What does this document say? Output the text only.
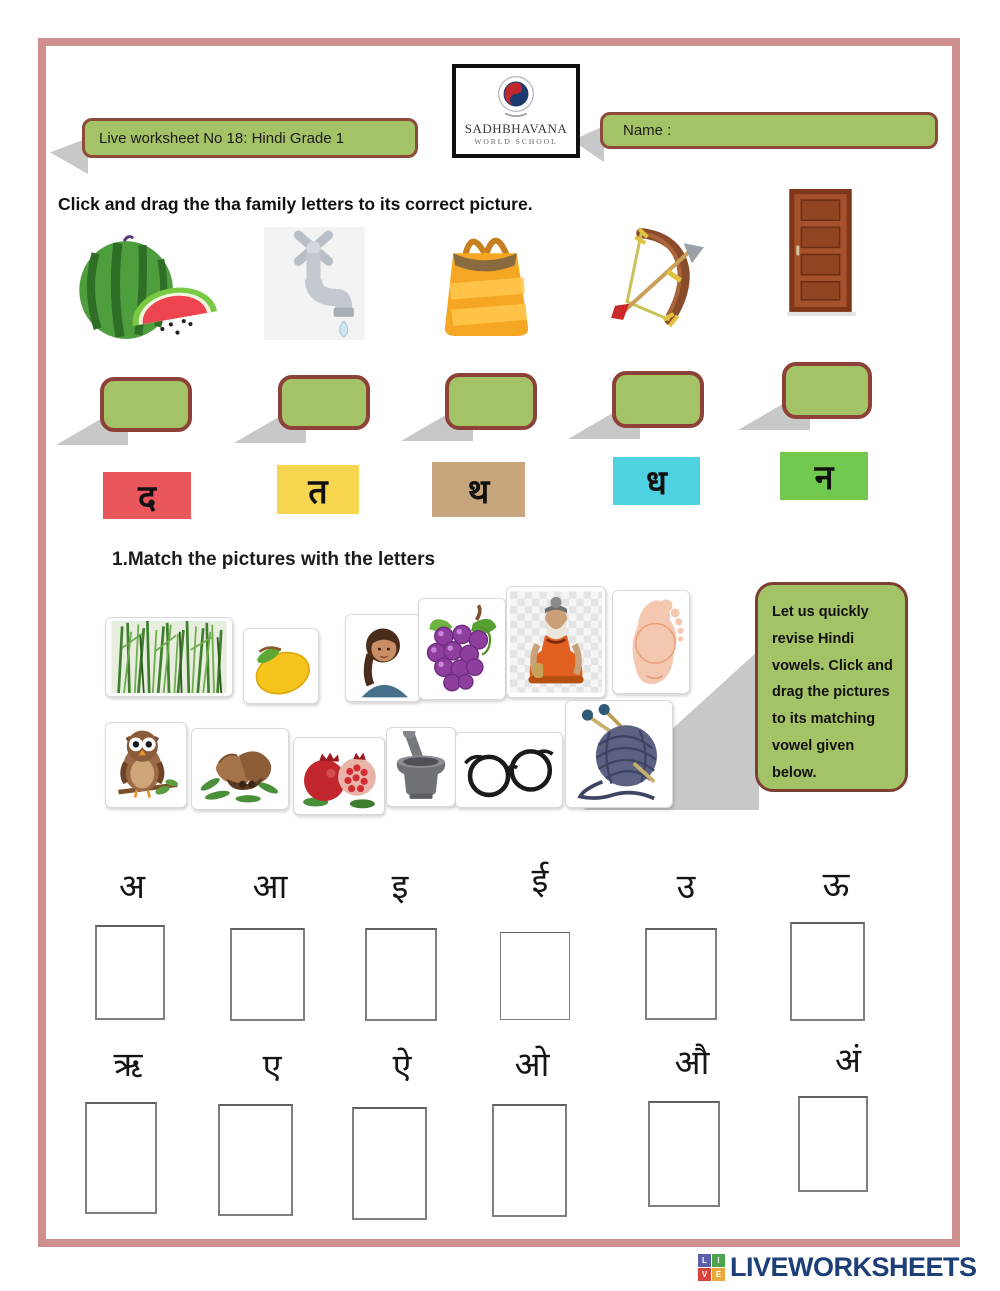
SADHBHAVANA
WORLD SCHOOL
Live worksheet No 18: Hindi Grade 1	Name :
Click and drag the tha family letters to its correct picture.
द	त	थ	ध	न
1.Match the pictures with the letters
Let us quickly revise Hindi vowels. Click and drag the pictures to its matching vowel given below.
अ	आ	इ	ई	उ	ऊ
ऋ	ए	ऐ	ओ	औ	अं
L	I
V	E LIVEWORKSHEETS
